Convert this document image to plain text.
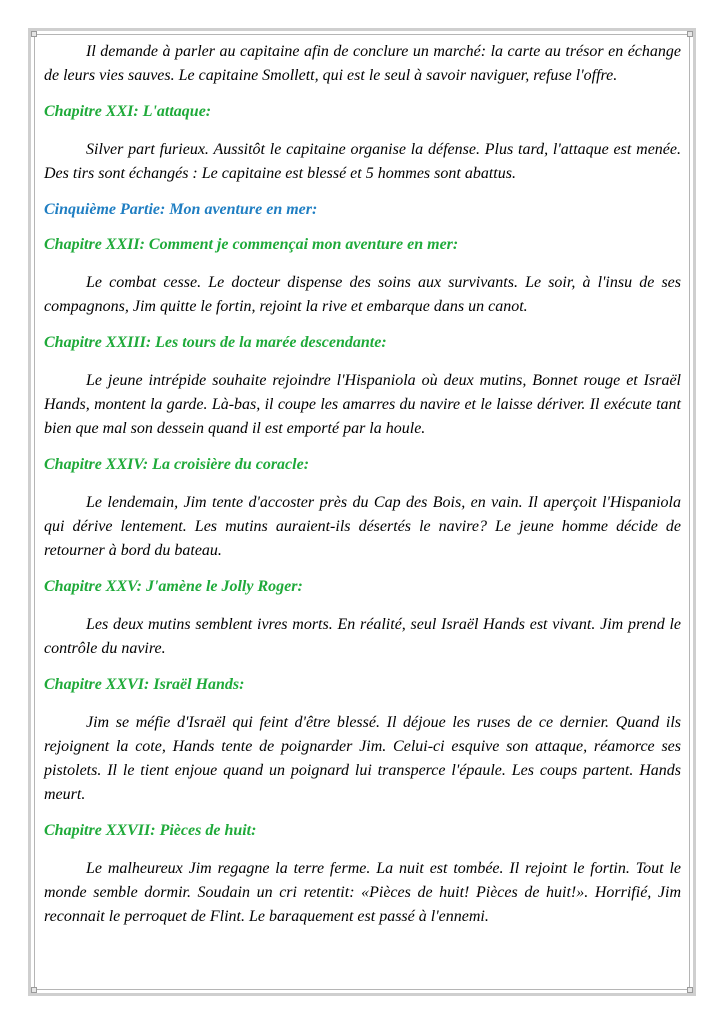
Il demande à parler au capitaine afin de conclure un marché: la carte au trésor en échange de leurs vies sauves. Le capitaine Smollett, qui est le seul à savoir naviguer, refuse l'offre.

Chapitre XXI: L'attaque:

Silver part furieux. Aussitôt le capitaine organise la défense. Plus tard, l'attaque est menée. Des tirs sont échangés : Le capitaine est blessé et 5 hommes sont abattus.

Cinquième Partie: Mon aventure en mer:
Chapitre XXII: Comment je commençai mon aventure en mer:

Le combat cesse. Le docteur dispense des soins aux survivants. Le soir, à l'insu de ses compagnons, Jim quitte le fortin, rejoint la rive et embarque dans un canot.

Chapitre XXIII: Les tours de la marée descendante:

Le jeune intrépide souhaite rejoindre l'Hispaniola où deux mutins, Bonnet rouge et Israël Hands, montent la garde. Là-bas, il coupe les amarres du navire et le laisse dériver. Il exécute tant bien que mal son dessein quand il est emporté par la houle.

Chapitre XXIV: La croisière du coracle:

Le lendemain, Jim tente d'accoster près du Cap des Bois, en vain. Il aperçoit l'Hispaniola qui dérive lentement. Les mutins auraient-ils désertés le navire? Le jeune homme décide de retourner à bord du bateau.

Chapitre XXV: J'amène le Jolly Roger:

Les deux mutins semblent ivres morts. En réalité, seul Israël Hands est vivant. Jim prend le contrôle du navire.

Chapitre XXVI: Israël Hands:

Jim se méfie d'Israël qui feint d'être blessé. Il déjoue les ruses de ce dernier. Quand ils rejoignent la cote, Hands tente de poignarder Jim. Celui-ci esquive son attaque, réamorce ses pistolets. Il le tient enjoue quand un poignard lui transperce l'épaule. Les coups partent. Hands meurt.

Chapitre XXVII: Pièces de huit:

Le malheureux Jim regagne la terre ferme. La nuit est tombée. Il rejoint le fortin. Tout le monde semble dormir. Soudain un cri retentit: «Pièces de huit! Pièces de huit!». Horrifié, Jim reconnait le perroquet de Flint. Le baraquement est passé à l'ennemi.
